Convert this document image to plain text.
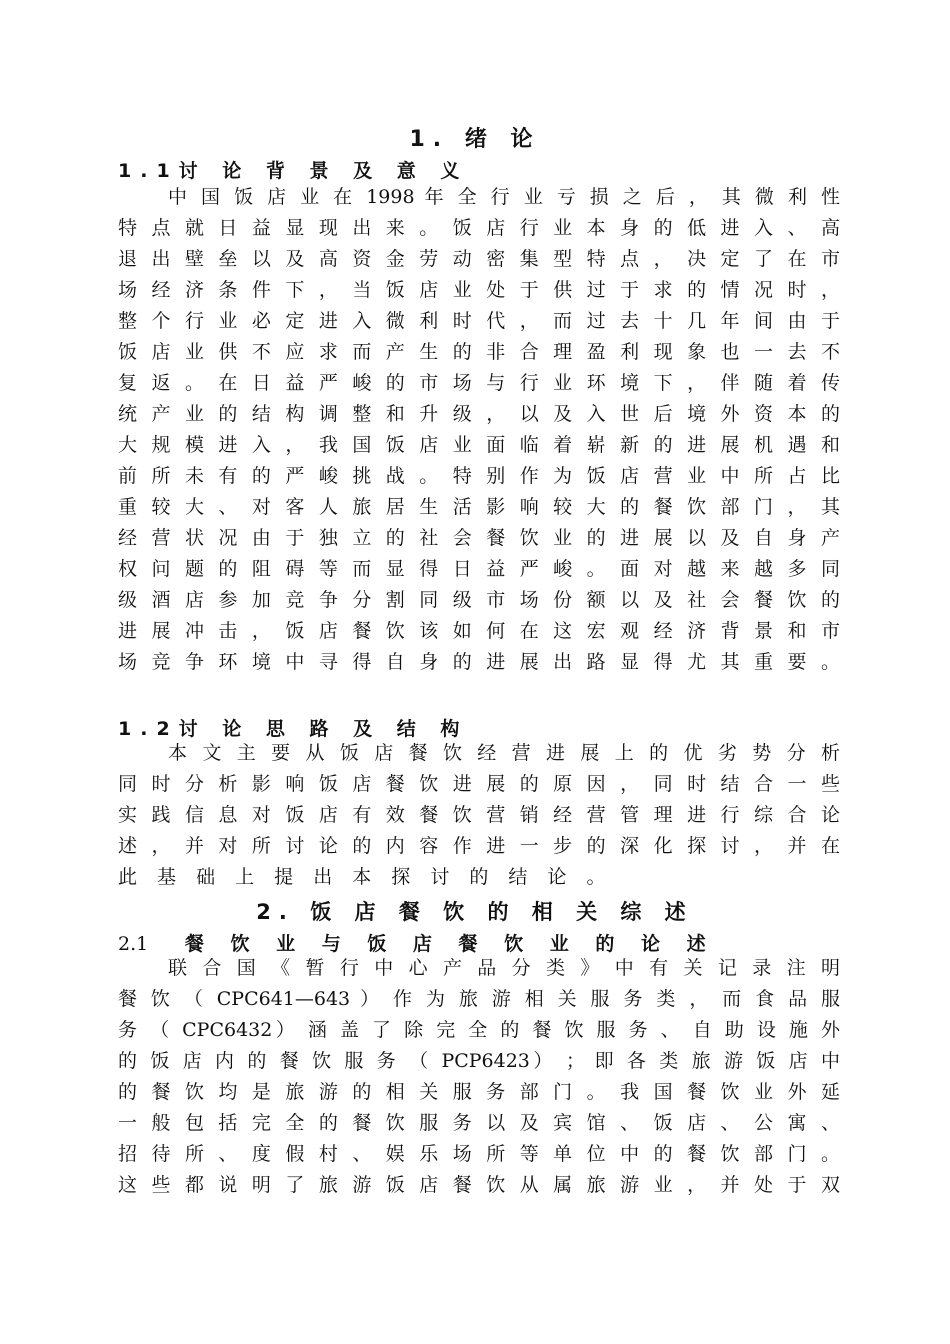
1. 绪 论
1.1讨 论 背 景 及 意 义
中 国 饭 店 业 在 1998 年 全 行 业 亏 损 之 后 ， 其 微 利 性
特 点 就 日 益 显 现 出 来 。 饭 店 行 业 本 身 的 低 进 入 、 高
退 出 壁 垒 以 及 高 资 金 劳 动 密 集 型 特 点 ， 决 定 了 在 市
场 经 济 条 件 下 ， 当 饭 店 业 处 于 供 过 于 求 的 情 况 时 ，
整 个 行 业 必 定 进 入 微 利 时 代 ， 而 过 去 十 几 年 间 由 于
饭 店 业 供 不 应 求 而 产 生 的 非 合 理 盈 利 现 象 也 一 去 不
复 返 。 在 日 益 严 峻 的 市 场 与 行 业 环 境 下 ， 伴 随 着 传
统 产 业 的 结 构 调 整 和 升 级 ， 以 及 入 世 后 境 外 资 本 的
大 规 模 进 入 ， 我 国 饭 店 业 面 临 着 崭 新 的 进 展 机 遇 和
前 所 未 有 的 严 峻 挑 战 。 特 别 作 为 饭 店 营 业 中 所 占 比
重 较 大 、 对 客 人 旅 居 生 活 影 响 较 大 的 餐 饮 部 门 ， 其
经 营 状 况 由 于 独 立 的 社 会 餐 饮 业 的 进 展 以 及 自 身 产
权 问 题 的 阻 碍 等 而 显 得 日 益 严 峻 。 面 对 越 来 越 多 同
级 酒 店 参 加 竞 争 分 割 同 级 市 场 份 额 以 及 社 会 餐 饮 的
进 展 冲 击 ， 饭 店 餐 饮 该 如 何 在 这 宏 观 经 济 背 景 和 市
场 竞 争 环 境 中 寻 得 自 身 的 进 展 出 路 显 得 尤 其 重 要 。
1.2讨 论 思 路 及 结 构
本 文 主 要 从 饭 店 餐 饮 经 营 进 展 上 的 优 劣 势 分 析
同 时 分 析 影 响 饭 店 餐 饮 进 展 的 原 因 ， 同 时 结 合 一 些
实 践 信 息 对 饭 店 有 效 餐 饮 营 销 经 营 管 理 进 行 综 合 论
述 ， 并 对 所 讨 论 的 内 容 作 进 一 步 的 深 化 探 讨 ， 并 在
此 基 础 上 提 出 本 探 讨 的 结 论 。
2. 饭 店 餐 饮 的 相 关 综 述
2.1 餐 饮 业 与 饭 店 餐 饮 业 的 论 述
联 合 国 《 暂 行 中 心 产 品 分 类 》 中 有 关 记 录 注 明
餐 饮 （ CPC641—643 ） 作 为 旅 游 相 关 服 务 类 ， 而 食 品 服
务 （ CPC6432） 涵 盖 了 除 完 全 的 餐 饮 服 务 、 自 助 设 施 外
的 饭 店 内 的 餐 饮 服 务 （ PCP6423） ； 即 各 类 旅 游 饭 店 中
的 餐 饮 均 是 旅 游 的 相 关 服 务 部 门 。 我 国 餐 饮 业 外 延
一 般 包 括 完 全 的 餐 饮 服 务 以 及 宾 馆 、 饭 店 、 公 寓 、
招 待 所 、 度 假 村 、 娱 乐 场 所 等 单 位 中 的 餐 饮 部 门 。
这 些 都 说 明 了 旅 游 饭 店 餐 饮 从 属 旅 游 业 ， 并 处 于 双
